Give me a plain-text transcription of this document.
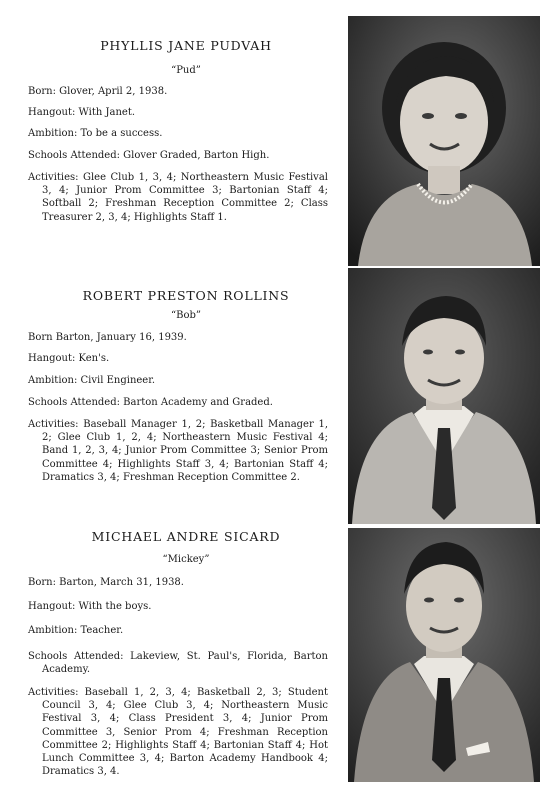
PHYLLIS JANE PUDVAH
“Pud”
Born: Glover, April 2, 1938.
Hangout: With Janet.
Ambition: To be a success.
Schools Attended: Glover Graded, Barton High.
Activities: Glee Club 1, 3, 4; Northeastern Music Festival 3, 4; Junior Prom Committee 3; Bartonian Staff 4; Softball 2; Freshman Reception Committee 2; Class Treasurer 2, 3, 4; Highlights Staff 1.
ROBERT PRESTON ROLLINS
“Bob”
Born Barton, January 16, 1939.
Hangout: Ken's.
Ambition: Civil Engineer.
Schools Attended: Barton Academy and Graded.
Activities: Baseball Manager 1, 2; Basketball Manager 1, 2; Glee Club 1, 2, 4; Northeastern Music Festival 4; Band 1, 2, 3, 4; Junior Prom Committee 3; Senior Prom Committee 4; Highlights Staff 3, 4; Bartonian Staff 4; Dramatics 3, 4; Freshman Reception Committee 2.
MICHAEL ANDRE SICARD
“Mickey”
Born: Barton, March 31, 1938.
Hangout: With the boys.
Ambition: Teacher.
Schools Attended: Lakeview, St. Paul's, Florida, Barton Academy.
Activities: Baseball 1, 2, 3, 4; Basketball 2, 3; Student Council 3, 4; Glee Club 3, 4; Northeastern Music Festival 3, 4; Class President 3, 4; Junior Prom Committee 3, Senior Prom 4; Freshman Reception Committee 2; Highlights Staff 4; Bartonian Staff 4; Hot Lunch Committee 3, 4; Barton Academy Handbook 4; Dramatics 3, 4.
